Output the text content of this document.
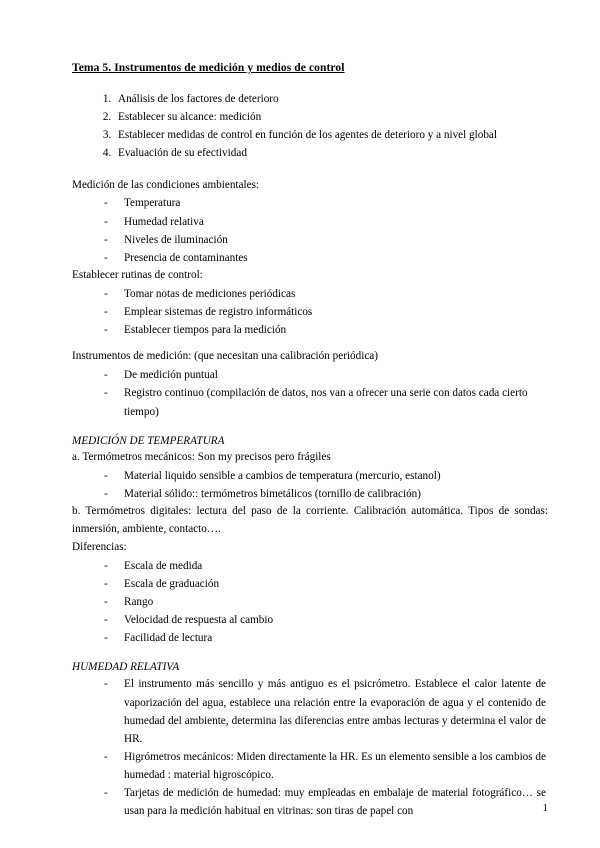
Tema 5. Instrumentos de medición y medios de control
1. Análisis de los factores de deterioro
2. Establecer su alcance: medición
3. Establecer medidas de control en función de los agentes de deterioro y a nivel global
4. Evaluación de su efectividad

Medición de las condiciones ambientales:

- Temperatura
- Humedad relativa
- Niveles de iluminación
- Presencia de contaminantes

Establecer rutinas de control:

- Tomar notas de mediciones periódicas
- Emplear sistemas de registro informáticos
- Establecer tiempos para la medición

Instrumentos de medición: (que necesitan una calibración periódica)

- De medición puntual
- Registro continuo (compilación de datos, nos van a ofrecer una serie con datos cada cierto tiempo)

MEDICIÓN DE TEMPERATURA

a. Termómetros mecánicos: Son my precisos pero frágiles

- Material liquido sensible a cambios de temperatura (mercurio, estanol)
- Material sólido:: termómetros bimetálicos (tornillo de calibración)

b. Termómetros digitales: lectura del paso de la corriente. Calibración automática. Tipos de sondas: inmersión, ambiente, contacto….

Diferencias:

- Escala de medida
- Escala de graduación
- Rango
- Velocidad de respuesta al cambio
- Facilidad de lectura

HUMEDAD RELATIVA

- El instrumento más sencillo y más antiguo es el psicrómetro. Establece el calor latente de vaporización del agua, establece una relación entre la evaporación de agua y el contenido de humedad del ambiente, determina las diferencias entre ambas lecturas y determina el valor de HR.
- Higrómetros mecánicos: Miden directamente la HR. Es un elemento sensible a los cambios de humedad : material higroscópico.
- Tarjetas de medición de humedad: muy empleadas en embalaje de material fotográfico… se usan para la medición habitual en vitrinas: son tiras de papel con	1
